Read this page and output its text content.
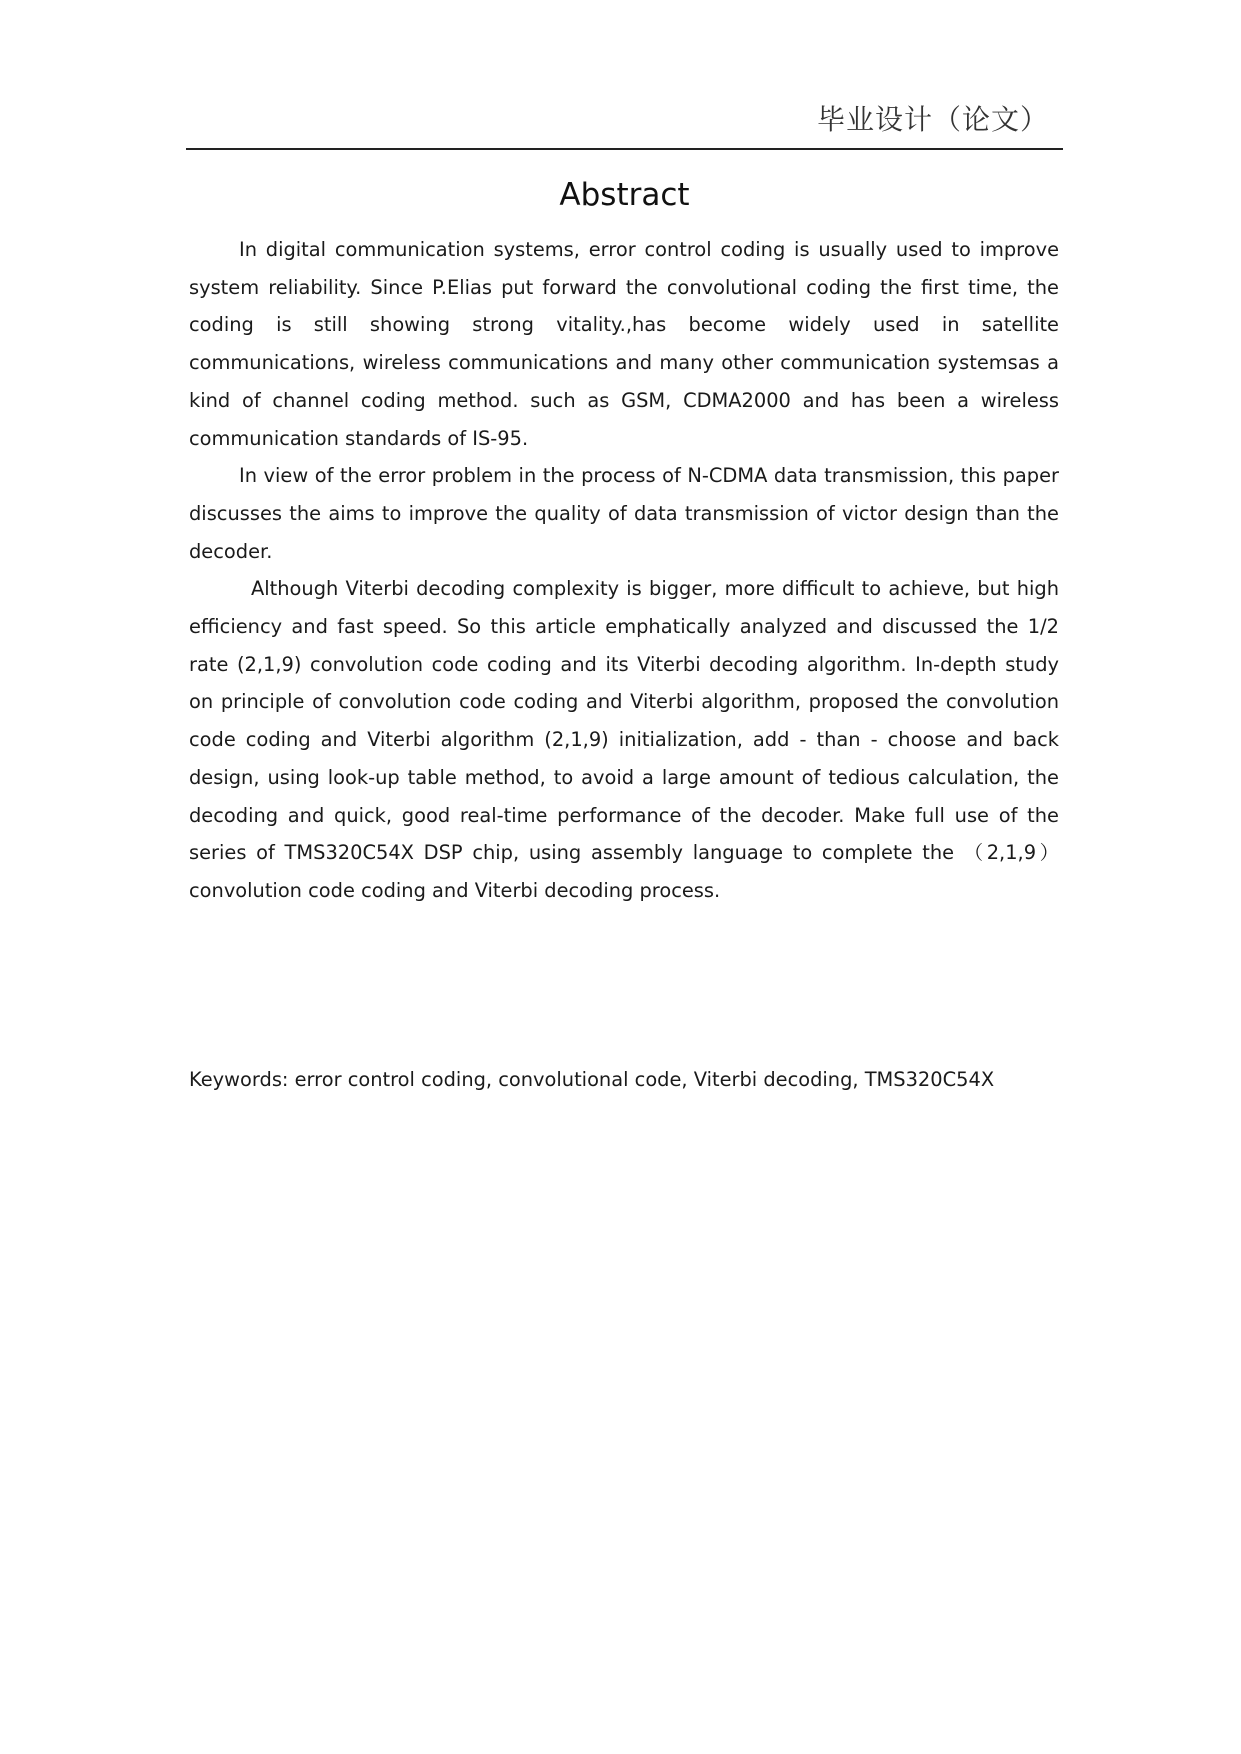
毕业设计（论文）
Abstract

In digital communication systems, error control coding is usually used to improve system reliability. Since P.Elias put forward the convolutional coding the first time, the coding is still showing strong vitality.,has become widely used in satellite communications, wireless communications and many other communication systemsas a kind of channel coding method. such as GSM, CDMA2000 and has been a wireless communication standards of IS-95.

In view of the error problem in the process of N-CDMA data transmission, this paper discusses the aims to improve the quality of data transmission of victor design than the decoder.

Although Viterbi decoding complexity is bigger, more difficult to achieve, but high efficiency and fast speed. So this article emphatically analyzed and discussed the 1/2 rate (2,1,9) convolution code coding and its Viterbi decoding algorithm. In-depth study on principle of convolution code coding and Viterbi algorithm, proposed the convolution code coding and Viterbi algorithm (2,1,9) initialization, add - than - choose and back design, using look-up table method, to avoid a large amount of tedious calculation, the decoding and quick, good real-time performance of the decoder. Make full use of the series of TMS320C54X DSP chip, using assembly language to complete the （2,1,9） convolution code coding and Viterbi decoding process.

Keywords: error control coding, convolutional code, Viterbi decoding, TMS320C54X
